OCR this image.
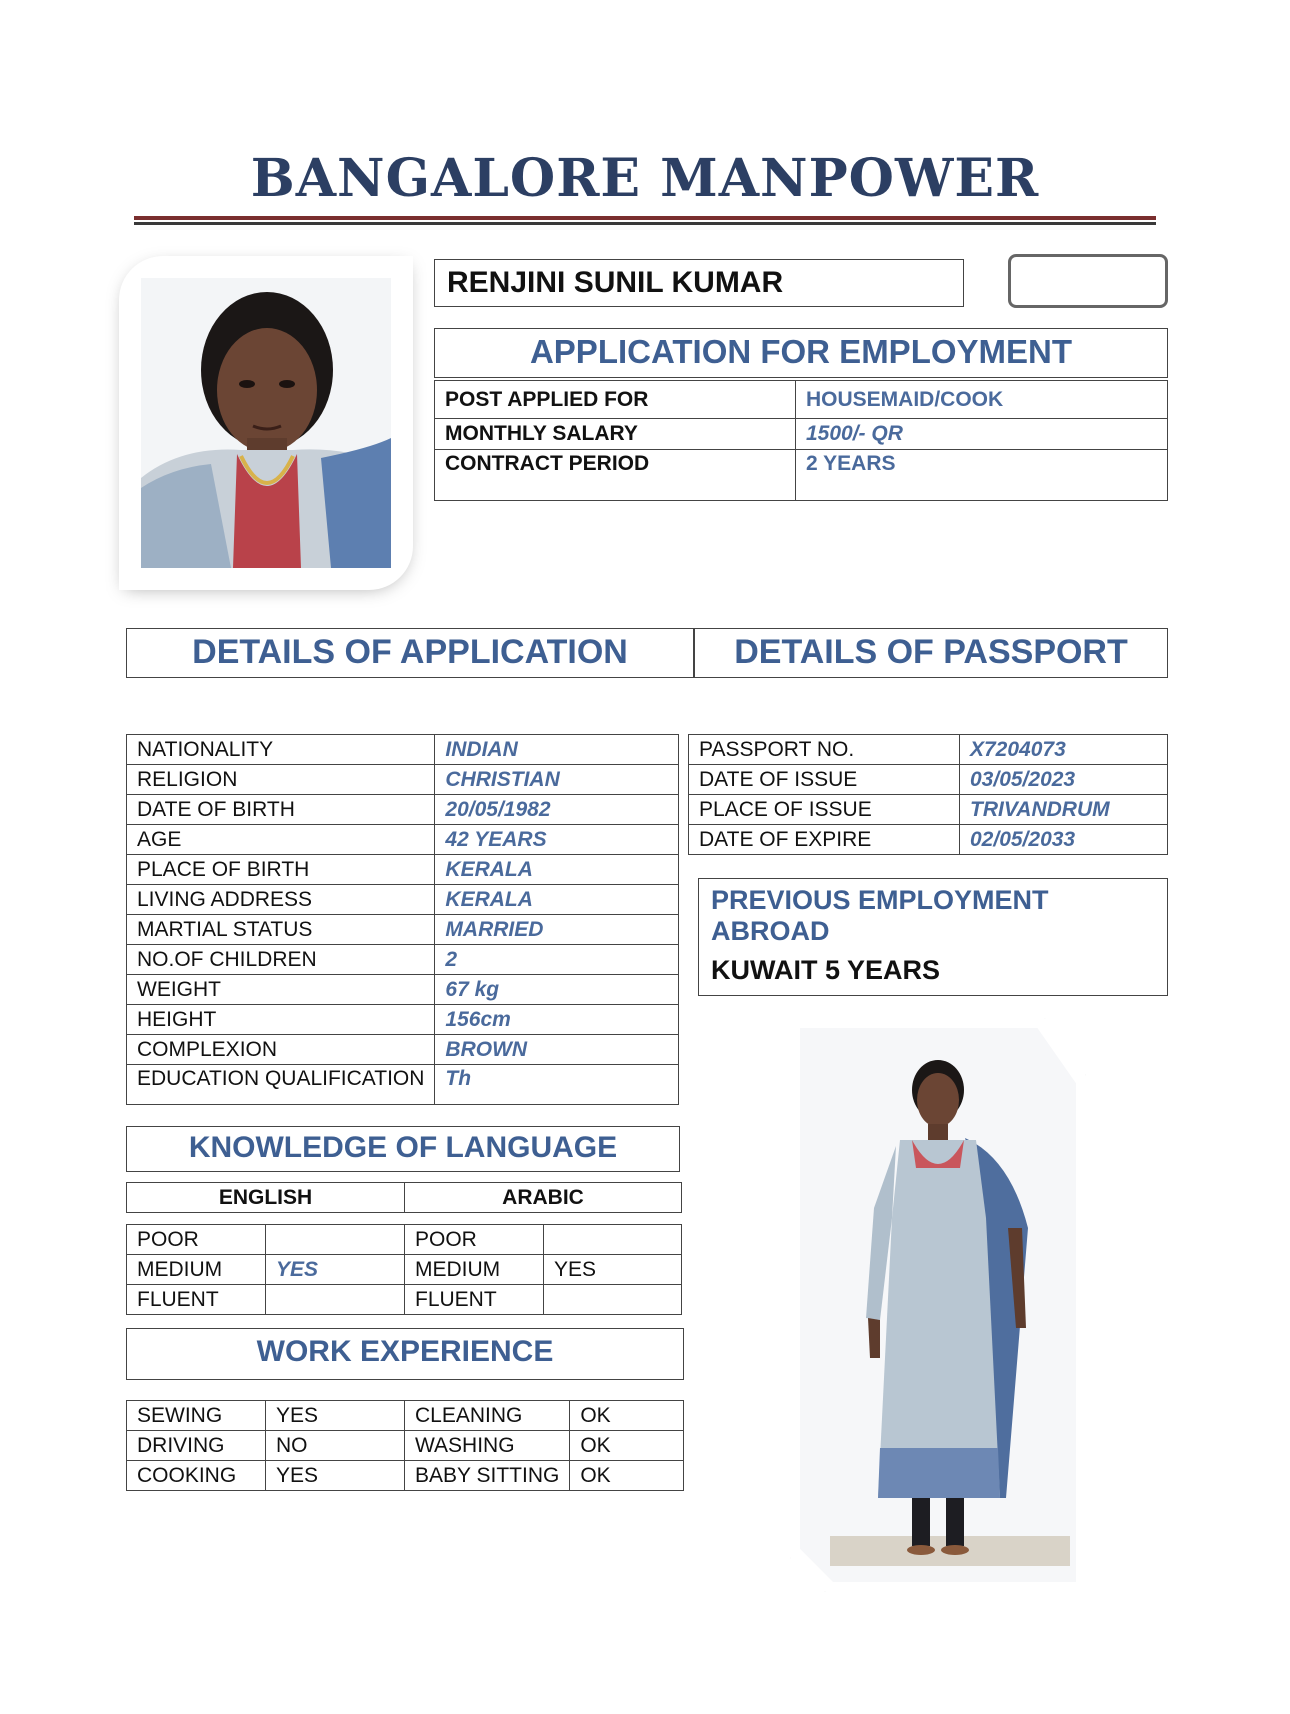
BANGALORE MANPOWER
RENJINI SUNIL KUMAR
APPLICATION FOR EMPLOYMENT
POST APPLIED FOR	HOUSEMAID/COOK
MONTHLY SALARY	1500/- QR
CONTRACT PERIOD	2 YEARS
DETAILS OF APPLICATION	DETAILS OF PASSPORT
NATIONALITY	INDIAN
RELIGION	CHRISTIAN
DATE OF BIRTH	20/05/1982
AGE	42 YEARS
PLACE OF BIRTH	KERALA
LIVING ADDRESS	KERALA
MARTIAL STATUS	MARRIED
NO.OF CHILDREN	2
WEIGHT	67 kg
HEIGHT	156cm
COMPLEXION	BROWN
EDUCATION QUALIFICATION	Th
PASSPORT NO.	X7204073
DATE OF ISSUE	03/05/2023
PLACE OF ISSUE	TRIVANDRUM
DATE OF EXPIRE	02/05/2033
PREVIOUS EMPLOYMENT ABROAD
KUWAIT 5 YEARS
KNOWLEDGE OF LANGUAGE
ENGLISH	ARABIC
POOR		POOR	
MEDIUM	YES	MEDIUM	YES
FLUENT		FLUENT	
WORK EXPERIENCE
SEWING	YES	CLEANING	OK
DRIVING	NO	WASHING	OK
COOKING	YES	BABY SITTING	OK
